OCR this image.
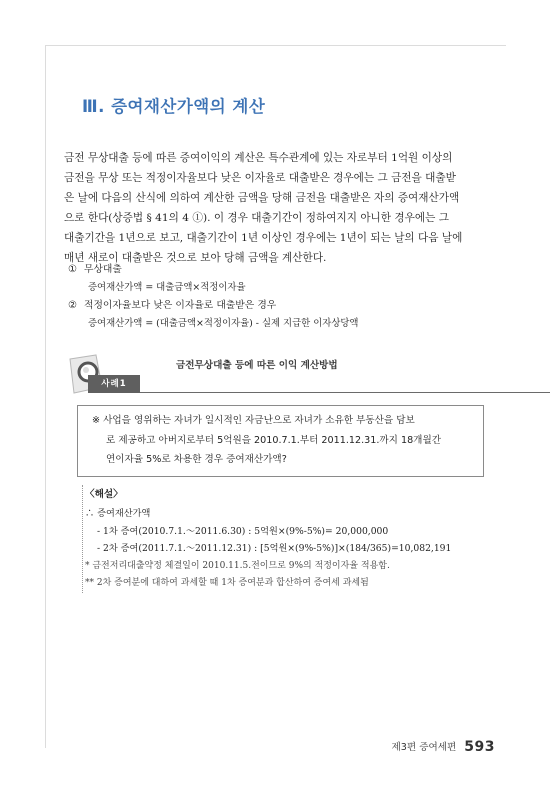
Ⅲ. 증여재산가액의 계산
금전 무상대출 등에 따른 증여이익의 계산은 특수관계에 있는 자로부터 1억원 이상의
금전을 무상 또는 적정이자율보다 낮은 이자율로 대출받은 경우에는 그 금전을 대출받
은 날에 다음의 산식에 의하여 계산한 금액을 당해 금전을 대출받은 자의 증여재산가액
으로 한다(상증법 § 41의 4 ①). 이 경우 대출기간이 정하여지지 아니한 경우에는 그
대출기간을 1년으로 보고, 대출기간이 1년 이상인 경우에는 1년이 되는 날의 다음 날에
매년 새로이 대출받은 것으로 보아 당해 금액을 계산한다.
① 무상대출
증여재산가액 = 대출금액×적정이자율
② 적정이자율보다 낮은 이자율로 대출받은 경우
증여재산가액 = (대출금액×적정이자율) - 실제 지급한 이자상당액
사례1

금전무상대출 등에 따른 이익 계산방법

※ 사업을 영위하는 자녀가 일시적인 자금난으로 자녀가 소유한 부동산을 담보
로 제공하고 아버지로부터 5억원을 2010.7.1.부터 2011.12.31.까지 18개월간
연이자율 5%로 차용한 경우 증여재산가액?
〈해설〉
∴ 증여재산가액
- 1차 증여(2010.7.1.～2011.6.30) : 5억원×(9%-5%)= 20,000,000
- 2차 증여(2011.7.1.～2011.12.31) : [5억원×(9%-5%)]×(184/365)=10,082,191
* 금전저리대출약정 체결일이 2010.11.5.전이므로 9%의 적정이자율 적용함.
** 2차 증여분에 대하여 과세할 때 1차 증여분과 합산하여 증여세 과세됨
제3편 증여세편 593
